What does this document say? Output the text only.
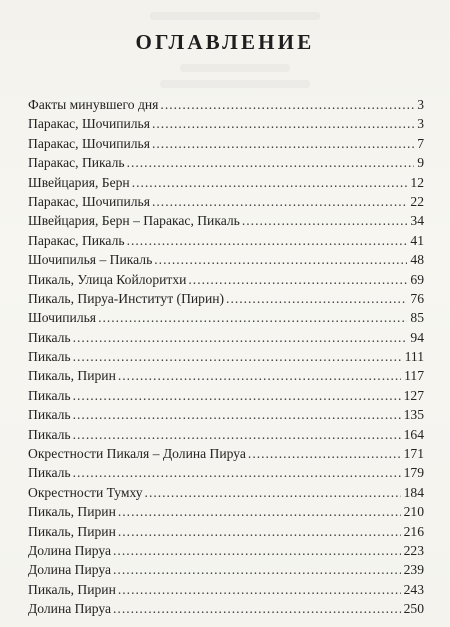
ОГЛАВЛЕНИЕ
Факты минувшего дня . . .	3
Паракас, Шочипилья . . .	3
Паракас, Шочипилья . . .	7
Паракас, Пикаль . . .	9
Швейцария, Берн . . .	12
Паракас, Шочипилья . . .	22
Швейцария, Берн – Паракас, Пикаль . . .	34
Паракас, Пикаль . . .	41
Шочипилья – Пикаль . . .	48
Пикаль, Улица Койлоритхи . . .	69
Пикаль, Пируа-Институт (Пирин) . . .	76
Шочипилья . . .	85
Пикаль . . .	94
Пикаль . . .	111
Пикаль, Пирин . . .	117
Пикаль . . .	127
Пикаль . . .	135
Пикаль . . .	164
Окрестности Пикаля – Долина Пируа . . .	171
Пикаль . . .	179
Окрестности Тумху . . .	184
Пикаль, Пирин . . .	210
Пикаль, Пирин . . .	216
Долина Пируа . . .	223
Долина Пируа . . .	239
Пикаль, Пирин . . .	243
Долина Пируа . . .	250
